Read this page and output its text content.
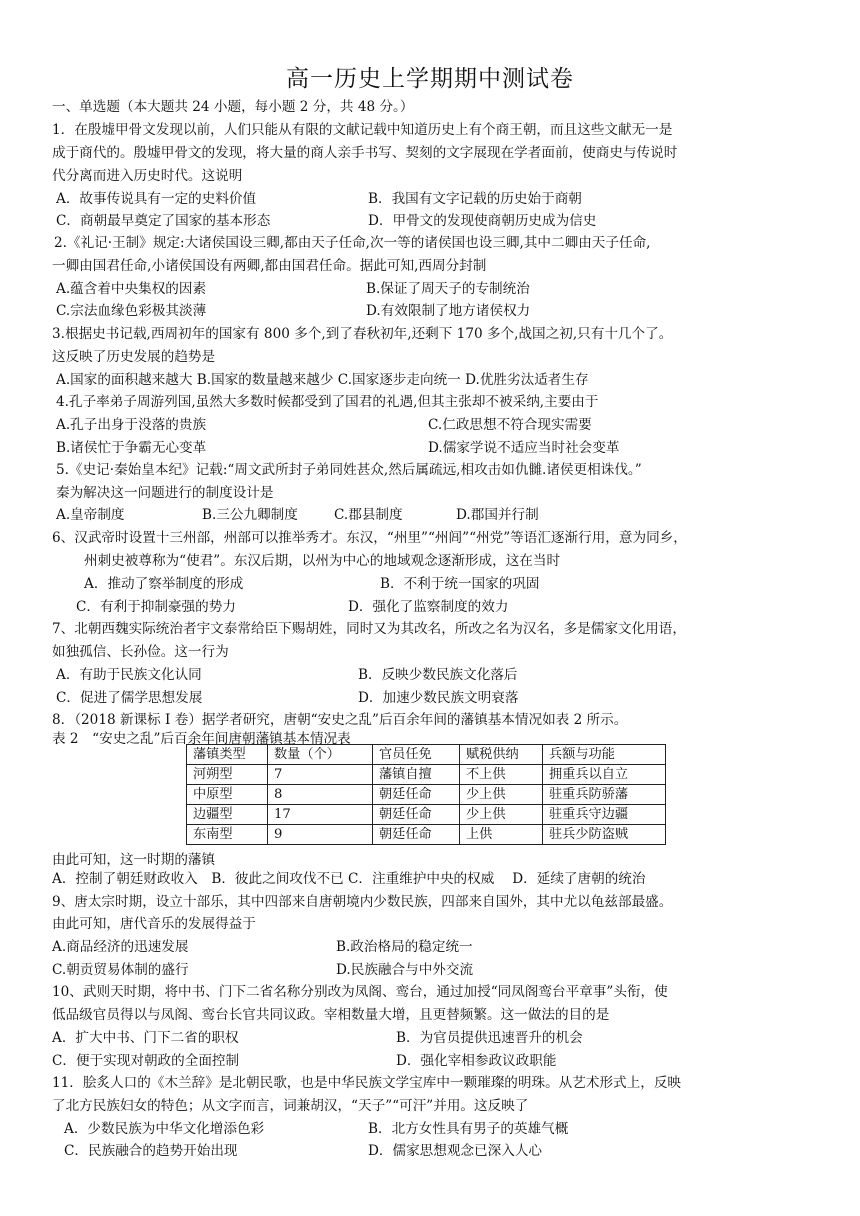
高一历史上学期期中测试卷
一、单选题（本大题共 24 小题，每小题 2 分，共 48 分。）
1．在殷墟甲骨文发现以前，人们只能从有限的文献记载中知道历史上有个商王朝，而且这些文献无一是
成于商代的。殷墟甲骨文的发现，将大量的商人亲手书写、契刻的文字展现在学者面前，使商史与传说时
代分离而进入历史时代。这说明
A．故事传说具有一定的史料价值	B．我国有文字记载的历史始于商朝
C．商朝最早奠定了国家的基本形态	D．甲骨文的发现使商朝历史成为信史
2.《礼记·王制》规定:大诸侯国设三卿,都由天子任命,次一等的诸侯国也设三卿,其中二卿由天子任命,
一卿由国君任命,小诸侯国设有两卿,都由国君任命。据此可知,西周分封制
A.蕴含着中央集权的因素	B.保证了周天子的专制统治
C.宗法血缘色彩极其淡薄	D.有效限制了地方诸侯权力
3.根据史书记载,西周初年的国家有 800 多个,到了春秋初年,还剩下 170 多个,战国之初,只有十几个了。
这反映了历史发展的趋势是
A.国家的面积越来越大 B.国家的数量越来越少 C.国家逐步走向统一 D.优胜劣汰适者生存
4.孔子率弟子周游列国,虽然大多数时候都受到了国君的礼遇,但其主张却不被采纳,主要由于
A.孔子出身于没落的贵族	C.仁政思想不符合现实需要
B.诸侯忙于争霸无心变革	D.儒家学说不适应当时社会变革
5.《史记·秦始皇本纪》记载:“周文武所封子弟同姓甚众,然后属疏远,相攻击如仇雠.诸侯更相诛伐。”
秦为解决这一问题进行的制度设计是
A.皇帝制度	B.三公九卿制度	C.郡县制度	D.郡国并行制
6、汉武帝时设置十三州部，州部可以推举秀才。东汉，“州里”“州闾”“州党”等语汇逐渐行用，意为同乡，
州刺史被尊称为“使君”。东汉后期，以州为中心的地域观念逐渐形成，这在当时
A．推动了察举制度的形成	B．不利于统一国家的巩固
C．有利于抑制豪强的势力	D．强化了监察制度的效力
7、北朝西魏实际统治者宇文泰常给臣下赐胡姓，同时又为其改名，所改之名为汉名，多是儒家文化用语，
如独孤信、长孙俭。这一行为
A．有助于民族文化认同	B．反映少数民族文化落后
C．促进了儒学思想发展	D．加速少数民族文明衰落
8．（2018 新课标 I 卷）据学者研究，唐朝“安史之乱”后百余年间的藩镇基本情况如表 2 所示。
表 2　“安史之乱”后百余年间唐朝藩镇基本情况表
藩镇类型	数量（个）	官员任免	赋税供纳	兵额与功能
河朔型	7	藩镇自擅	不上供	拥重兵以自立
中原型	8	朝廷任命	少上供	驻重兵防骄藩
边疆型	17	朝廷任命	少上供	驻重兵守边疆
东南型	9	朝廷任命	上供	驻兵少防盗贼
由此可知，这一时期的藩镇
A．控制了朝廷财政收入　B．彼此之间攻伐不已 C．注重维护中央的权威　 D．延续了唐朝的统治
9、唐太宗时期，设立十部乐，其中四部来自唐朝境内少数民族，四部来自国外，其中尤以龟兹部最盛。
由此可知，唐代音乐的发展得益于
A.商品经济的迅速发展	B.政治格局的稳定统一
C.朝贡贸易体制的盛行	D.民族融合与中外交流
10、武则天时期，将中书、门下二省名称分别改为凤阁、鸾台，通过加授“同凤阁鸾台平章事”头衔，使
低品级官员得以与凤阁、鸾台长官共同议政。宰相数量大增，且更替频繁。这一做法的目的是
A．扩大中书、门下二省的职权	B．为官员提供迅速晋升的机会
C．便于实现对朝政的全面控制	D．强化宰相参政议政职能
11．脍炙人口的《木兰辞》是北朝民歌，也是中华民族文学宝库中一颗璀璨的明珠。从艺术形式上，反映
了北方民族妇女的特色；从文字而言，词兼胡汉，“天子”“可汗”并用。这反映了
A．少数民族为中华文化增添色彩	B．北方女性具有男子的英雄气概
C．民族融合的趋势开始出现	D．儒家思想观念已深入人心
